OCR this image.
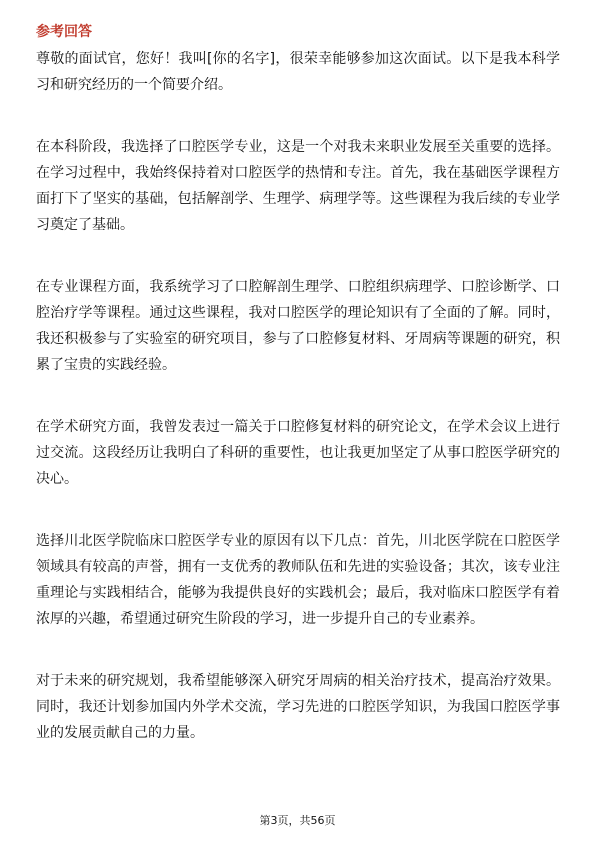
参考回答

尊敬的面试官，您好！我叫[你的名字]，很荣幸能够参加这次面试。以下是我本科学习和研究经历的一个简要介绍。

在本科阶段，我选择了口腔医学专业，这是一个对我未来职业发展至关重要的选择。在学习过程中，我始终保持着对口腔医学的热情和专注。首先，我在基础医学课程方面打下了坚实的基础，包括解剖学、生理学、病理学等。这些课程为我后续的专业学习奠定了基础。

在专业课程方面，我系统学习了口腔解剖生理学、口腔组织病理学、口腔诊断学、口腔治疗学等课程。通过这些课程，我对口腔医学的理论知识有了全面的了解。同时，我还积极参与了实验室的研究项目，参与了口腔修复材料、牙周病等课题的研究，积累了宝贵的实践经验。

在学术研究方面，我曾发表过一篇关于口腔修复材料的研究论文，在学术会议上进行过交流。这段经历让我明白了科研的重要性，也让我更加坚定了从事口腔医学研究的决心。

选择川北医学院临床口腔医学专业的原因有以下几点：首先，川北医学院在口腔医学领域具有较高的声誉，拥有一支优秀的教师队伍和先进的实验设备；其次，该专业注重理论与实践相结合，能够为我提供良好的实践机会；最后，我对临床口腔医学有着浓厚的兴趣，希望通过研究生阶段的学习，进一步提升自己的专业素养。

对于未来的研究规划，我希望能够深入研究牙周病的相关治疗技术，提高治疗效果。同时，我还计划参加国内外学术交流，学习先进的口腔医学知识，为我国口腔医学事业的发展贡献自己的力量。

第3页，共56页
